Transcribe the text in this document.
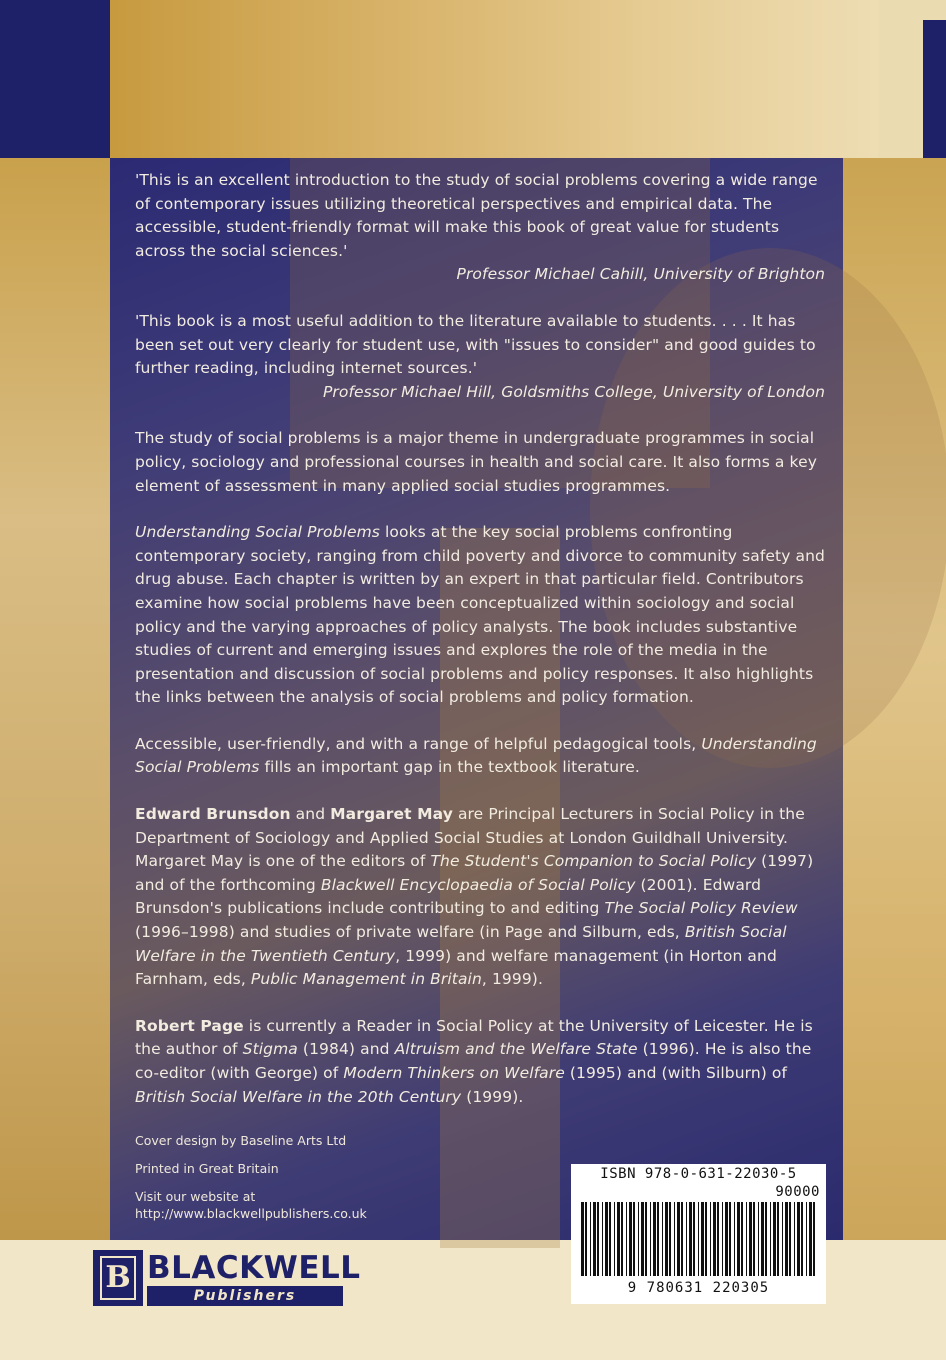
'This is an excellent introduction to the study of social problems covering a wide range of contemporary issues utilizing theoretical perspectives and empirical data. The accessible, student-friendly format will make this book of great value for students across the social sciences.'

Professor Michael Cahill, University of Brighton

'This book is a most useful addition to the literature available to students. . . . It has been set out very clearly for student use, with "issues to consider" and good guides to further reading, including internet sources.'

Professor Michael Hill, Goldsmiths College, University of London

The study of social problems is a major theme in undergraduate programmes in social policy, sociology and professional courses in health and social care. It also forms a key element of assessment in many applied social studies programmes.

Understanding Social Problems looks at the key social problems confronting contemporary society, ranging from child poverty and divorce to community safety and drug abuse. Each chapter is written by an expert in that particular field. Contributors examine how social problems have been conceptualized within sociology and social policy and the varying approaches of policy analysts. The book includes substantive studies of current and emerging issues and explores the role of the media in the presentation and discussion of social problems and policy responses. It also highlights the links between the analysis of social problems and policy formation.

Accessible, user-friendly, and with a range of helpful pedagogical tools, Understanding Social Problems fills an important gap in the textbook literature.

Edward Brunsdon and Margaret May are Principal Lecturers in Social Policy in the Department of Sociology and Applied Social Studies at London Guildhall University. Margaret May is one of the editors of The Student's Companion to Social Policy (1997) and of the forthcoming Blackwell Encyclopaedia of Social Policy (2001). Edward Brunsdon's publications include contributing to and editing The Social Policy Review (1996–1998) and studies of private welfare (in Page and Silburn, eds, British Social Welfare in the Twentieth Century, 1999) and welfare management (in Horton and Farnham, eds, Public Management in Britain, 1999).

Robert Page is currently a Reader in Social Policy at the University of Leicester. He is the author of Stigma (1984) and Altruism and the Welfare State (1996). He is also the co-editor (with George) of Modern Thinkers on Welfare (1995) and (with Silburn) of British Social Welfare in the 20th Century (1999).

Cover design by Baseline Arts Ltd

Printed in Great Britain

Visit our website at
http://www.blackwellpublishers.co.uk

ISBN 978-0-631-22030-5
90000
9 780631 220305
B BLACKWELL
Publishers
